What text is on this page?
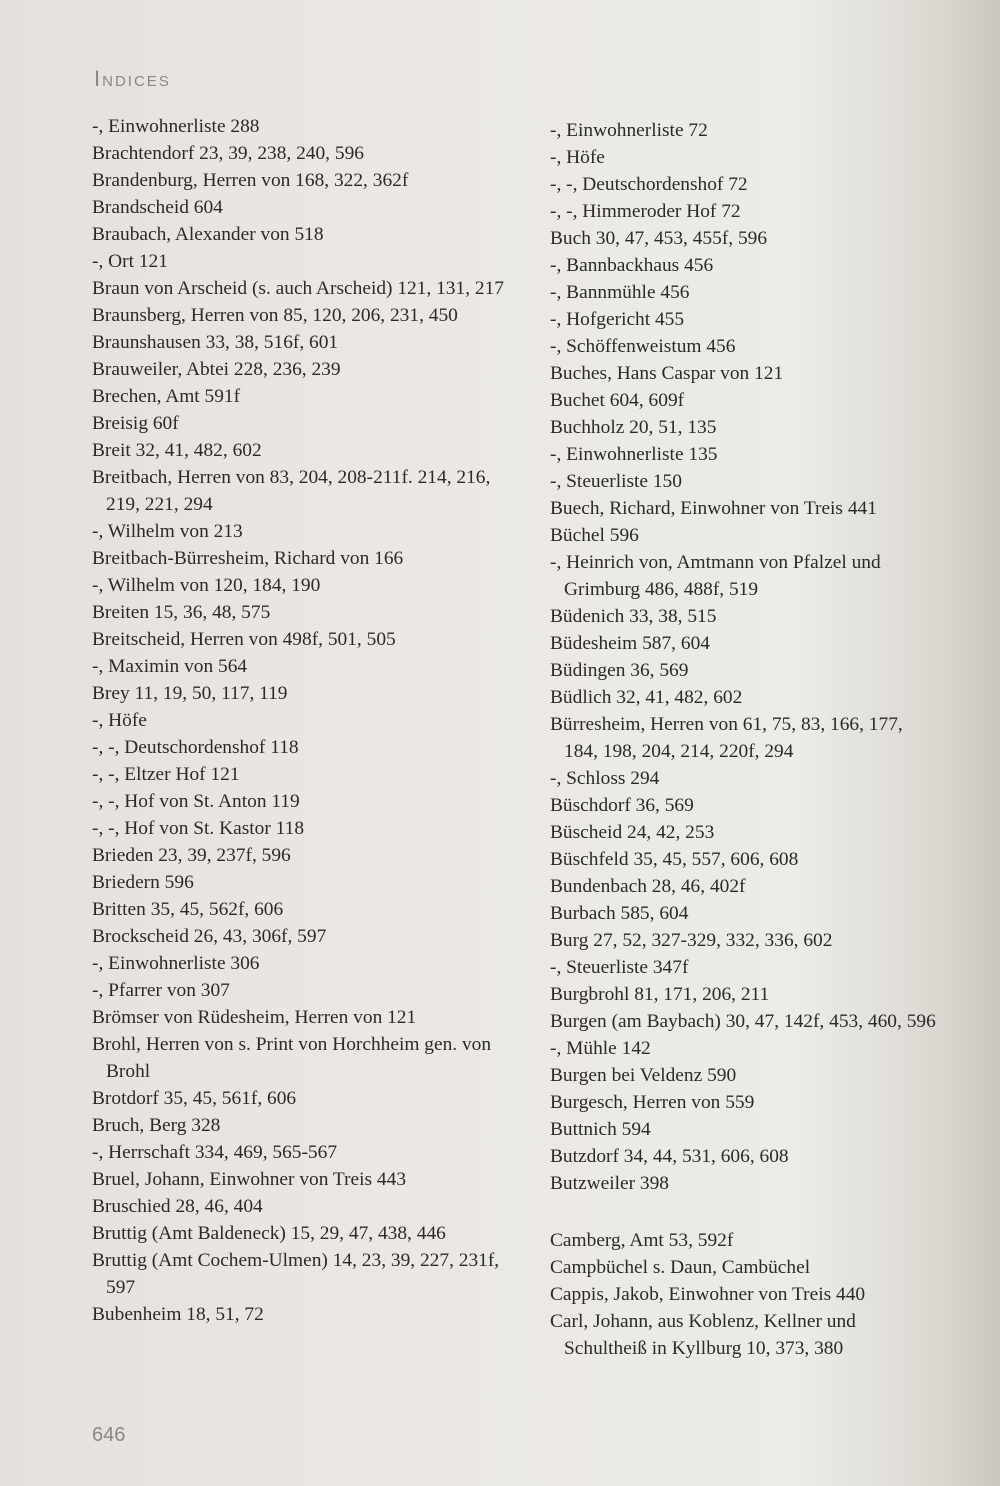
Indices

-, Einwohnerliste 288

Brachtendorf 23, 39, 238, 240, 596

Brandenburg, Herren von 168, 322, 362f

Brandscheid 604

Braubach, Alexander von 518

-, Ort 121

Braun von Arscheid (s. auch Arscheid) 121, 131, 217

Braunsberg, Herren von 85, 120, 206, 231, 450

Braunshausen 33, 38, 516f, 601

Brauweiler, Abtei 228, 236, 239

Brechen, Amt 591f

Breisig 60f

Breit 32, 41, 482, 602

Breitbach, Herren von 83, 204, 208-211f. 214, 216, 219, 221, 294

-, Wilhelm von 213

Breitbach-Bürresheim, Richard von 166

-, Wilhelm von 120, 184, 190

Breiten 15, 36, 48, 575

Breitscheid, Herren von 498f, 501, 505

-, Maximin von 564

Brey 11, 19, 50, 117, 119

-, Höfe

-, -, Deutschordenshof 118

-, -, Eltzer Hof 121

-, -, Hof von St. Anton 119

-, -, Hof von St. Kastor 118

Brieden 23, 39, 237f, 596

Briedern 596

Britten 35, 45, 562f, 606

Brockscheid 26, 43, 306f, 597

-, Einwohnerliste 306

-, Pfarrer von 307

Brömser von Rüdesheim, Herren von 121

Brohl, Herren von s. Print von Horchheim gen. von Brohl

Brotdorf 35, 45, 561f, 606

Bruch, Berg 328

-, Herrschaft 334, 469, 565-567

Bruel, Johann, Einwohner von Treis 443

Bruschied 28, 46, 404

Bruttig (Amt Baldeneck) 15, 29, 47, 438, 446

Bruttig (Amt Cochem-Ulmen) 14, 23, 39, 227, 231f, 597

Bubenheim 18, 51, 72

-, Einwohnerliste 72

-, Höfe

-, -, Deutschordenshof 72

-, -, Himmeroder Hof 72

Buch 30, 47, 453, 455f, 596

-, Bannbackhaus 456

-, Bannmühle 456

-, Hofgericht 455

-, Schöffenweistum 456

Buches, Hans Caspar von 121

Buchet 604, 609f

Buchholz 20, 51, 135

-, Einwohnerliste 135

-, Steuerliste 150

Buech, Richard, Einwohner von Treis 441

Büchel 596

-, Heinrich von, Amtmann von Pfalzel und Grimburg 486, 488f, 519

Büdenich 33, 38, 515

Büdesheim 587, 604

Büdingen 36, 569

Büdlich 32, 41, 482, 602

Bürresheim, Herren von 61, 75, 83, 166, 177, 184, 198, 204, 214, 220f, 294

-, Schloss 294

Büschdorf 36, 569

Büscheid 24, 42, 253

Büschfeld 35, 45, 557, 606, 608

Bundenbach 28, 46, 402f

Burbach 585, 604

Burg 27, 52, 327-329, 332, 336, 602

-, Steuerliste 347f

Burgbrohl 81, 171, 206, 211

Burgen (am Baybach) 30, 47, 142f, 453, 460, 596

-, Mühle 142

Burgen bei Veldenz 590

Burgesch, Herren von 559

Buttnich 594

Butzdorf 34, 44, 531, 606, 608

Butzweiler 398

Camberg, Amt 53, 592f

Campbüchel s. Daun, Cambüchel

Cappis, Jakob, Einwohner von Treis 440

Carl, Johann, aus Koblenz, Kellner und Schultheiß in Kyllburg 10, 373, 380

646
